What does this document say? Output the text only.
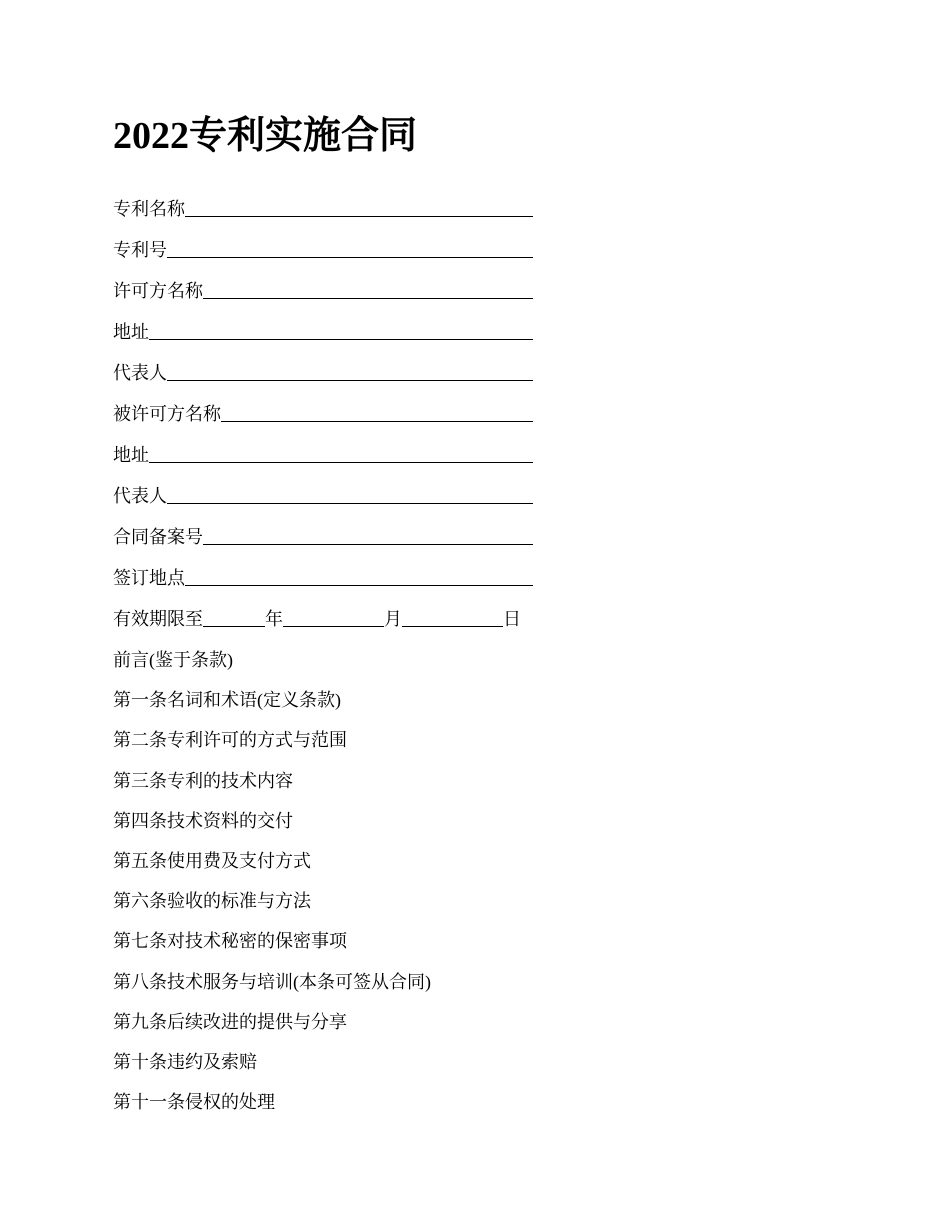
2022专利实施合同
专利名称
专利号
许可方名称
地址
代表人
被许可方名称
地址
代表人
合同备案号
签订地点
有效期限至	年	月	日
前言(鉴于条款)
第一条名词和术语(定义条款)
第二条专利许可的方式与范围
第三条专利的技术内容
第四条技术资料的交付
第五条使用费及支付方式
第六条验收的标准与方法
第七条对技术秘密的保密事项
第八条技术服务与培训(本条可签从合同)
第九条后续改进的提供与分享
第十条违约及索赔
第十一条侵权的处理
